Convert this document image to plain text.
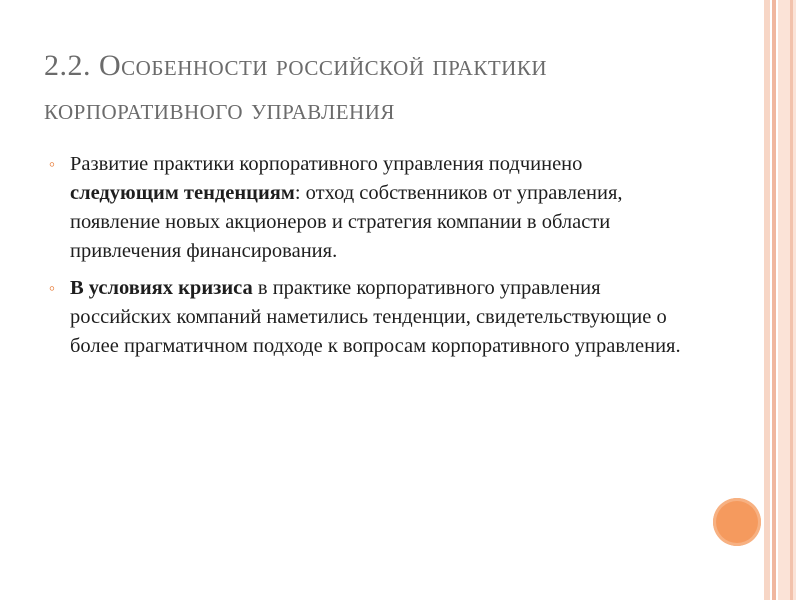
2.2. Особенности российской практики
корпоративного управления
◦ Развитие практики корпоративного управления подчинено следующим тенденциям: отход собственников от управления, появление новых акционеров и стратегия компании в области привлечения финансирования.
◦ В условиях кризиса в практике корпоративного управления российских компаний наметились тенденции, свидетельствующие о более прагматичном подходе к вопросам корпоративного управления.
